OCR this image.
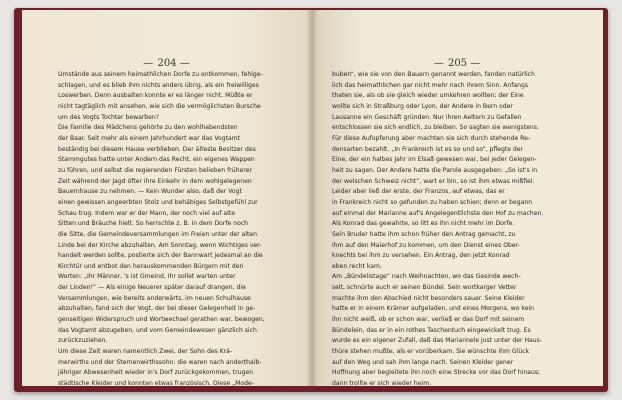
— 204 —
Umstände aus seinem heimathlichen Dorfe zu entkommen, fehlge-
schlagen, und es blieb ihm nichts anders übrig, als ein freiwilliges
Loswerben. Denn ausbalten konnte er es länger nicht. Müßte er
nicht tagtäglich mit ansehen, wie sich die vermöglichsten Bursche
um des Vogts Tochter bewarben?
Die Familie des Mädchens gehörte zu den wohlhabendsten
der Baar. Seit mehr als einem Jahrhundert war das Vogtamt
beständig bei diesem Hause verblieben. Der älteste Besitzer des
Stammgutes hatte unter Andern das Recht, ein eigenes Wappen
zu führen, und selbst die regierenden Fürsten belieben früherer
Zeit während der Jagd öfter ihre Einkehr in dem wohlgelegenen
Bauernhause zu nehmen. — Kein Wunder also, daß der Vogt
einen gewissen angeerbten Stolz und behäbiges Selbstgefühl zur
Schau trug. Indem war er der Mann, der noch viel auf alte
Sitten und Bräuche hielt. So herrschte z. B. in dem Dorfe noch
die Sitte, die Gemeindeversammlungen im Freien unter der alten
Linde bei der Kirche abzuhalten. Am Sonntag, wenn Wichtiges ver-
handelt werden sollte, postierte sich der Bannwart jedesmal an die
Kirchtür und entbot den herauskommenden Bürgern mit den
Worten: „Ihr Männer, 's ist Gmeind, Ihr sollet warten unter
der Linden!“ — Als einige Neuerer später darauf drangen, die
Versammlungen, wie bereits anderwärts, im neuen Schulhause
abzuhalten, fand sich der Vogt, der bei dieser Gelegenheit in ge-
genseitigen Widerspruch und Wortwechsel gerathen war, bewogen,
das Vogtamt abzugeben, und vom Gemeindewesen gänzlich sich
zurückzuziehen.
Um diese Zeit waren namentlich Zwei, der Sohn des Krä-
merwirths und der Sternenwirthssohn: die waren nach anderthalb-
jähriger Abwesenheit wieder in's Dorf zurückgekommen, trugen
städtische Kleider und konnten etwas französisch. Diese „Mode-
— 205 —
buben“, wie sie von den Bauern genannt werden, fanden natürlich
lich das heimathlichen gar nicht mehr nach ihrem Sinn. Anfangs
thaten sie, als ob sie gleich wieder umkehren wollten; der Eine
wollte sich in Straßburg oder Lyon, der Andere in Bern oder
Lausanne ein Geschäft gründen. Nur ihren Aeltern zu Gefallen
entschlossen sie sich endlich, zu bleiben. So sagten sie wenigstens.
Für diese Aufopferung aber machten sie sich durch stehende Re-
densarten bezahlt. „In Frankreich ist es so und so“, pflegte der
Eine, der ein halbes Jahr im Elsaß gewesen war, bei jeder Gelegen-
heit zu sagen. Der Andere hatte die Parole ausgegeben: „So ist's in
der welschen Schweiz nicht“, wart er bin, so ist ihm etwas mißfiel.
Leider aber ließ der erste, der Franzos, auf etwas, das er
in Frankreich nicht so gefunden zu haben schien; denn er begann
auf einmal der Marianne auf's Angelegentlichste den Hof zu machen.
Als Konrad das gewahrte, so litt es ihn nicht mehr im Dorfe.
Sein Bruder hatte ihm schon früher den Antrag gemacht, zu
ihm auf den Maierhof zu kommen, um den Dienst eines Ober-
knechts bei ihm zu versehen. Ein Antrag, den jetzt Konrad
eben recht kam.
Am „Bündelistage“ nach Weihnachten, wo das Gesinde wech-
selt, schnürte auch er seinen Bündel. Sein wortkarger Vetter
machte ihm den Abschied nicht besonders sauer. Seine Kleider
hatte er in einem Krämer aufgeladen, und eines Morgens, wo kein
ihn nicht weiß, ob er schon war, verließ er das Dorf mit seinem
Bündelein, das er in ein rothes Taschentuch eingewickelt trug. Es
wurde es ein eigener Zufall, daß das Mariannele just unter der Haus-
thüre stehen mußte, als er vorüberkam. Sie wünschte ihm Glück
auf den Weg und sah ihm lange nach. Seinen Kleider gener
Hoffnung aber begleitete ihn noch eine Strecke vor das Dorf hinaus;
dann trollte er sich wieder heim.
